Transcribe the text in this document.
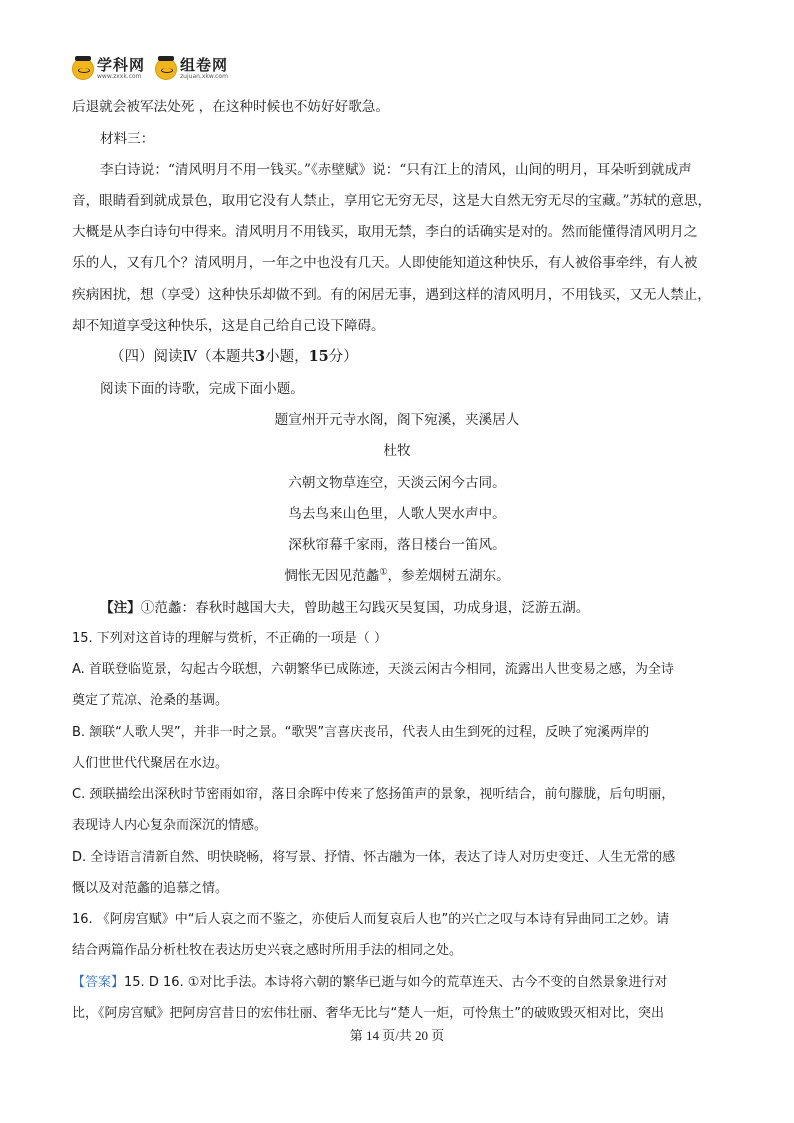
学科网
www.zxxk.com
组卷网
zujuan.xkw.com
后退就会被军法处死 ，在这种时候也不妨好好歌急。
材料三：
李白诗说：“清风明月不用一钱买。”《赤壁赋》说：“只有江上的清风，山间的明月，耳朵听到就成声
音，眼睛看到就成景色，取用它没有人禁止，享用它无穷无尽，这是大自然无穷无尽的宝藏。”苏轼的意思，
大概是从李白诗句中得来。清风明月不用钱买，取用无禁，李白的话确实是对的。然而能懂得清风明月之
乐的人，又有几个？清风明月，一年之中也没有几天。人即使能知道这种快乐，有人被俗事牵绊，有人被
疾病困扰，想（享受）这种快乐却做不到。有的闲居无事，遇到这样的清风明月，不用钱买，又无人禁止，
却不知道享受这种快乐，这是自己给自己设下障碍。
（四）阅读Ⅳ（本题共3小题，15分）
阅读下面的诗歌，完成下面小题。
题宣州开元寺水阁，阁下宛溪，夹溪居人
杜牧
六朝文物草连空，天淡云闲今古同。
鸟去鸟来山色里，人歌人哭水声中。
深秋帘幕千家雨，落日楼台一笛风。
惆怅无因见范蠡①，参差烟树五湖东。
【注】①范蠡：春秋时越国大夫，曾助越王勾践灭吴复国，功成身退，泛游五湖。
15. 下列对这首诗的理解与赏析，不正确的一项是（ ）
A. 首联登临览景，勾起古今联想，六朝繁华已成陈迹，天淡云闲古今相同，流露出人世变易之感，为全诗
奠定了荒凉、沧桑的基调。
B. 颔联“人歌人哭”，并非一时之景。“歌哭”言喜庆丧吊，代表人由生到死的过程，反映了宛溪两岸的
人们世世代代聚居在水边。
C. 颈联描绘出深秋时节密雨如帘，落日余晖中传来了悠扬笛声的景象，视听结合，前句朦胧，后句明丽，
表现诗人内心复杂而深沉的情感。
D. 全诗语言清新自然、明快晓畅，将写景、抒情、怀古融为一体，表达了诗人对历史变迁、人生无常的感
慨以及对范蠡的追慕之情。
16. 《阿房宫赋》中“后人哀之而不鉴之，亦使后人而复哀后人也”的兴亡之叹与本诗有异曲同工之妙。请
结合两篇作品分析杜牧在表达历史兴衰之感时所用手法的相同之处。
【答案】15. D 16. ①对比手法。本诗将六朝的繁华已逝与如今的荒草连天、古今不变的自然景象进行对
比，《阿房宫赋》把阿房宫昔日的宏伟壮丽、奢华无比与“楚人一炬，可怜焦土”的破败毁灭相对比，突出
第 14 页/共 20 页
